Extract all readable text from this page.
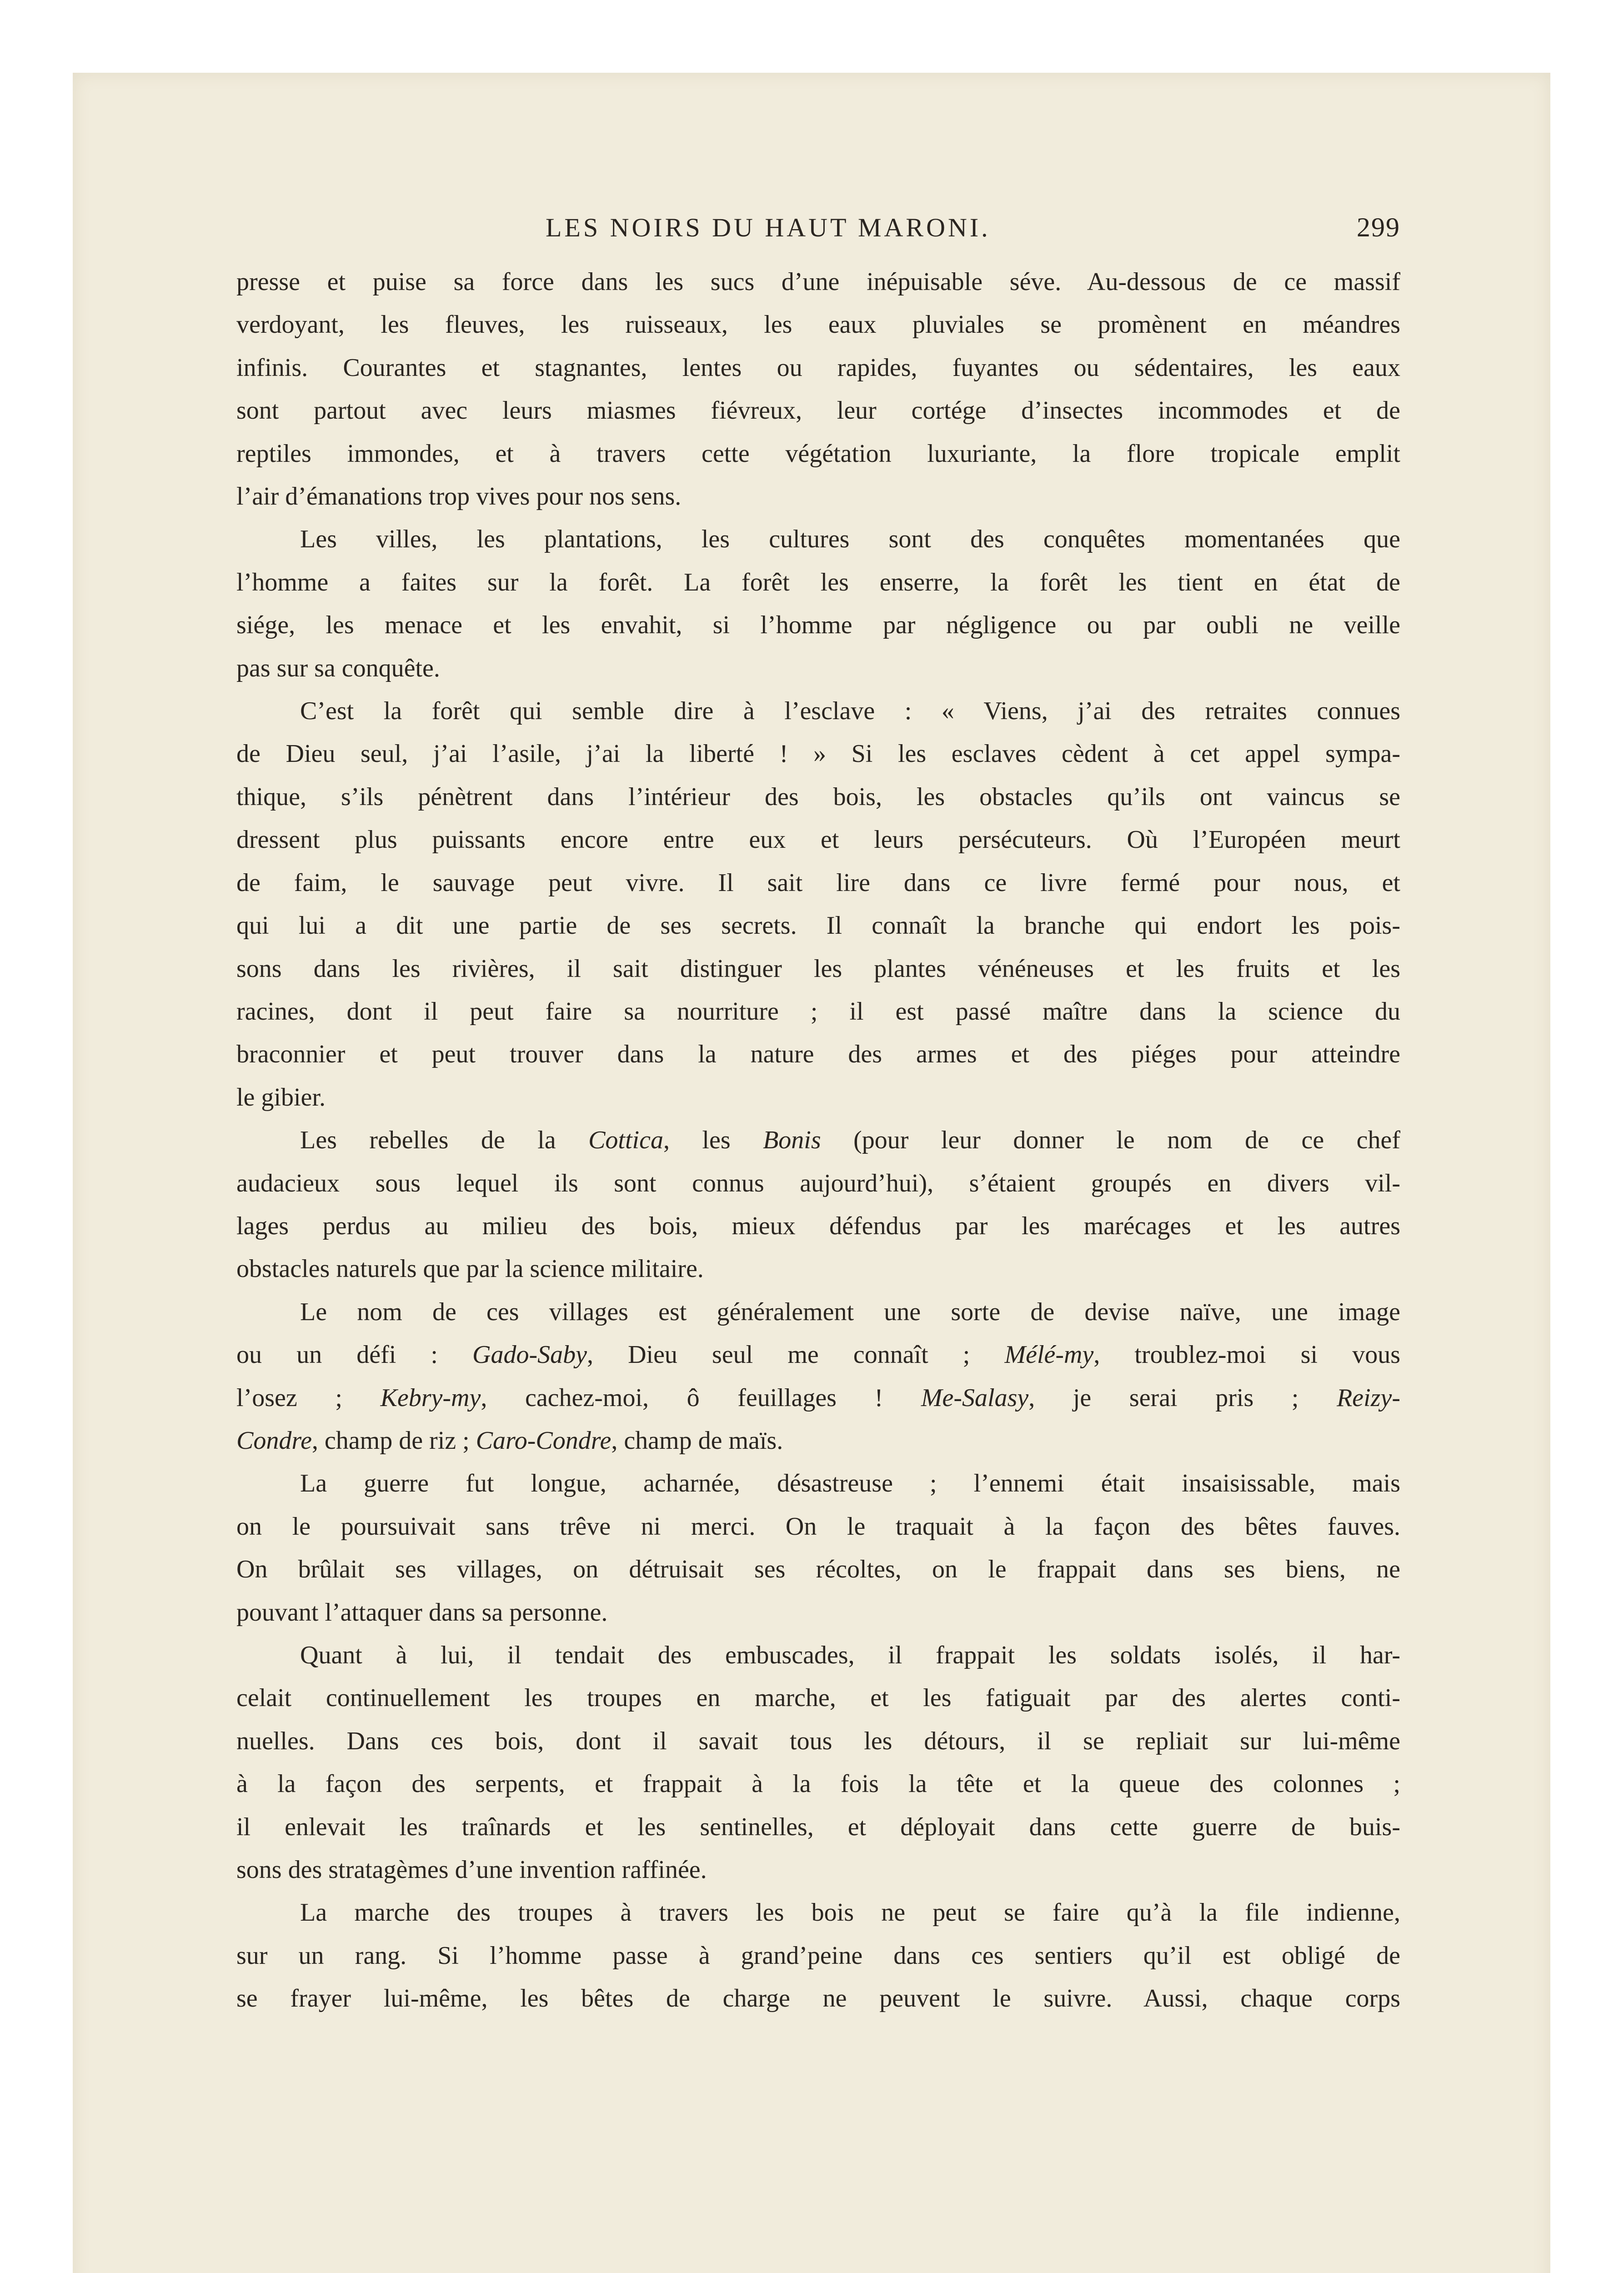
LES NOIRS DU HAUT MARONI.	299
presse et puise sa force dans les sucs d’une inépuisable séve. Au-dessous de ce massif
verdoyant, les fleuves, les ruisseaux, les eaux pluviales se promènent en méandres
infinis. Courantes et stagnantes, lentes ou rapides, fuyantes ou sédentaires, les eaux
sont partout avec leurs miasmes fiévreux, leur cortége d’insectes incommodes et de
reptiles immondes, et à travers cette végétation luxuriante, la flore tropicale emplit
l’air d’émanations trop vives pour nos sens.
Les villes, les plantations, les cultures sont des conquêtes momentanées que
l’homme a faites sur la forêt. La forêt les enserre, la forêt les tient en état de
siége, les menace et les envahit, si l’homme par négligence ou par oubli ne veille
pas sur sa conquête.
C’est la forêt qui semble dire à l’esclave : « Viens, j’ai des retraites connues
de Dieu seul, j’ai l’asile, j’ai la liberté ! » Si les esclaves cèdent à cet appel sympa-
thique, s’ils pénètrent dans l’intérieur des bois, les obstacles qu’ils ont vaincus se
dressent plus puissants encore entre eux et leurs persécuteurs. Où l’Européen meurt
de faim, le sauvage peut vivre. Il sait lire dans ce livre fermé pour nous, et
qui lui a dit une partie de ses secrets. Il connaît la branche qui endort les pois-
sons dans les rivières, il sait distinguer les plantes vénéneuses et les fruits et les
racines, dont il peut faire sa nourriture ; il est passé maître dans la science du
braconnier et peut trouver dans la nature des armes et des piéges pour atteindre
le gibier.
Les rebelles de la Cottica, les Bonis (pour leur donner le nom de ce chef
audacieux sous lequel ils sont connus aujourd’hui), s’étaient groupés en divers vil-
lages perdus au milieu des bois, mieux défendus par les marécages et les autres
obstacles naturels que par la science militaire.
Le nom de ces villages est généralement une sorte de devise naïve, une image
ou un défi : Gado-Saby, Dieu seul me connaît ; Mélé-my, troublez-moi si vous
l’osez ; Kebry-my, cachez-moi, ô feuillages ! Me-Salasy, je serai pris ; Reizy-
Condre, champ de riz ; Caro-Condre, champ de maïs.
La guerre fut longue, acharnée, désastreuse ; l’ennemi était insaisissable, mais
on le poursuivait sans trêve ni merci. On le traquait à la façon des bêtes fauves.
On brûlait ses villages, on détruisait ses récoltes, on le frappait dans ses biens, ne
pouvant l’attaquer dans sa personne.
Quant à lui, il tendait des embuscades, il frappait les soldats isolés, il har-
celait continuellement les troupes en marche, et les fatiguait par des alertes conti-
nuelles. Dans ces bois, dont il savait tous les détours, il se repliait sur lui-même
à la façon des serpents, et frappait à la fois la tête et la queue des colonnes ;
il enlevait les traînards et les sentinelles, et déployait dans cette guerre de buis-
sons des stratagèmes d’une invention raffinée.
La marche des troupes à travers les bois ne peut se faire qu’à la file indienne,
sur un rang. Si l’homme passe à grand’peine dans ces sentiers qu’il est obligé de
se frayer lui-même, les bêtes de charge ne peuvent le suivre. Aussi, chaque corps
